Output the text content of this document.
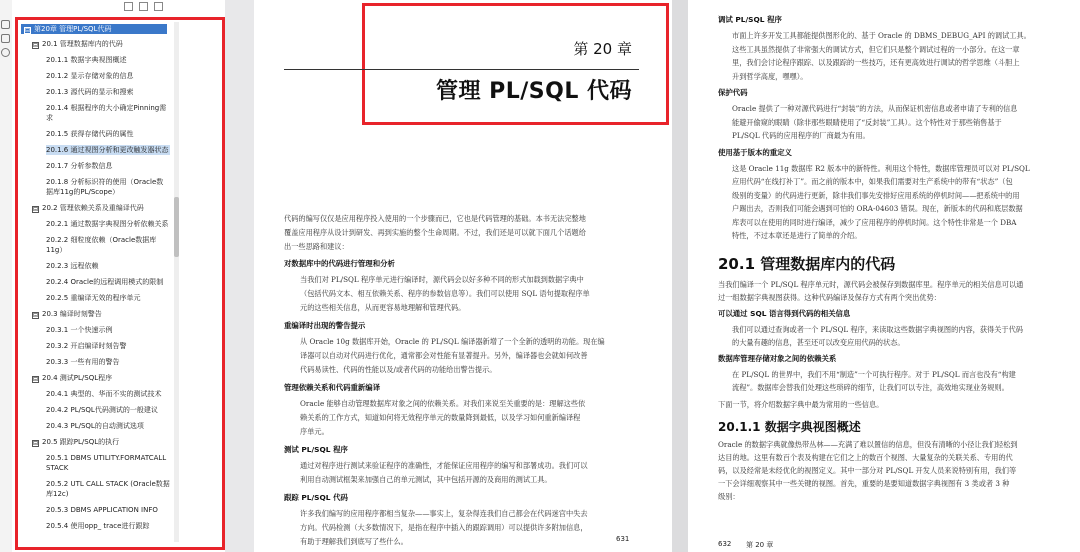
⊟ 第20章 管理PL/SQL代码
⊟ 20.1 管理数据库内的代码
20.1.1 数据字典视图概述
20.1.2 显示存储对象的信息
20.1.3 源代码的显示和搜索
20.1.4 根据程序的大小确定Pinning需求
20.1.5 获得存储代码的属性
20.1.6 通过视图分析和更改触发器状态
20.1.7 分析参数信息
20.1.8 分析标识符的使用（Oracle数据库11g的PL/Scope）
⊟ 20.2 管理依赖关系及重编译代码
20.2.1 通过数据字典视图分析依赖关系
20.2.2 细粒度依赖（Oracle数据库11g）
20.2.3 远程依赖
20.2.4 Oracle的远程调用模式的限制
20.2.5 重编译无效的程序单元
⊟ 20.3 编译时刻警告
20.3.1 一个快速示例
20.3.2 开启编译时刻告警
20.3.3 一些有用的警告
⊟ 20.4 测试PL/SQL程序
20.4.1 典型的、华而不实的测试技术
20.4.2 PL/SQL代码测试的一般建议
20.4.3 PL/SQL的自动测试选项
⊟ 20.5 跟踪PL/SQL的执行
20.5.1 DBMS UTILITY.FORMATCALL STACK
20.5.2 UTL CALL STACK (Oracle数据库12c)
20.5.3 DBMS APPLICATION INFO
20.5.4 使用opp_ trace进行跟踪
第 20 章
管理 PL/SQL 代码
代码的编写仅仅是应用程序投入使用的一个步骤而已，它也是代码管理的基础。本书无法完整地
覆盖应用程序从设计到研发、再到实施的整个生命周期。不过，我们还是可以就下面几个话题给
出一些思路和建议：
对数据库中的代码进行管理和分析
当我们对 PL/SQL 程序单元进行编译时，源代码会以好多种不同的形式加载到数据字典中
（包括代码文本、相互依赖关系、程序的参数信息等）。我们可以使用 SQL 语句提取程序单
元的这些相关信息，从而更容易地理解和管理代码。
重编译时出现的警告提示
从 Oracle 10g 数据库开始，Oracle 的 PL/SQL 编译器新增了一个全新的透明的功能。现在编
译器可以自动对代码进行优化，通常都会对性能有显著提升。另外，编译器也会就如何改善
代码易读性、代码的性能以及/或者代码的功能给出警告提示。
管理依赖关系和代码重新编译
Oracle 能够自动管理数据库对象之间的依赖关系。对我们来说至关重要的是：理解这些依
赖关系的工作方式，知道如何将无效程序单元的数量降到最低，以及学习如何重新编译程
序单元。
测试 PL/SQL 程序
通过对程序进行测试来验证程序的准确性，才能保证应用程序的编写和部署成功。我们可以
利用自动测试框架来加强自己的单元测试，其中包括开源的及商用的测试工具。
跟踪 PL/SQL 代码
许多我们编写的应用程序都相当复杂——事实上，复杂得连我们自己都会在代码迷宫中失去
方向。代码检测（大多数情况下，是指在程序中插入的跟踪调用）可以提供许多附加信息，
有助于理解我们到底写了些什么。	631
调试 PL/SQL 程序
市面上许多开发工具都能提供图形化的、基于 Oracle 的 DBMS_DEBUG_API 的调试工具。
这些工具虽然提供了非常强大的调试方式，但它们只是整个调试过程的一小部分。在这一章
里，我们会讨论程序跟踪、以及跟踪的一些技巧，还有更高效进行调试的哲学思维（斗胆上
升到哲学高度，嘿嘿）。
保护代码
Oracle 提供了一种对源代码进行“封装”的方法，从而保证机密信息或者申请了专利的信息
能避开偷窥的眼睛（除非那些眼睛使用了“反封装”工具）。这个特性对于那些销售基于
PL/SQL 代码的应用程序的厂商最为有用。
使用基于版本的重定义
这是 Oracle 11g 数据库 R2 版本中的新特性。利用这个特性，数据库管理员可以对 PL/SQL
应用代码“在线打补丁”。而之前的版本中，如果我们需要对生产系统中的带有“状态”（包
级别的变量）的代码进行更新，除非我们事先安排好应用系统的停机时间——把系统中的用
户踢出去，否则我们可能会遇到可怕的 ORA-04603 错误。现在，新版本的代码和底层数据
库表可以在使用的同时进行编译，减少了应用程序的停机时间。这个特性非常是一个 DBA
特性，不过本章还是进行了简单的介绍。
20.1 管理数据库内的代码
当我们编译一个 PL/SQL 程序单元时，源代码会被保存到数据库里。程序单元的相关信息可以通
过一组数据字典视图获得。这种代码编译及保存方式有两个突出优势：
可以通过 SQL 语言得到代码的相关信息
我们可以通过查询或者一个 PL/SQL 程序，来读取这些数据字典视图的内容，获得关于代码
的大量有趣的信息，甚至还可以改变应用代码的状态。
数据库管理存储对象之间的依赖关系
在 PL/SQL 的世界中，我们不用“制造”一个可执行程序。对于 PL/SQL 而言也没有“构建
流程”。数据库会替我们处理这些琐碎的细节，让我们可以专注，高效地实现业务规则。
下面一节，将介绍数据字典中最为常用的一些信息。
20.1.1 数据字典视图概述
Oracle 的数据字典就像热带丛林——充满了难以置信的信息，但没有清晰的小径让我们轻松到
达目的地。这里有数百个表及构建在它们之上的数百个视图、大量复杂的关联关系、专用的代
码，以及经常是未经优化的视图定义。其中一部分对 PL/SQL 开发人员来说特别有用，我们等
一下会详细观察其中一些关键的视图。首先，重要的是要知道数据字典视图有 3 类或者 3 种
级别：
632 第 20 章
